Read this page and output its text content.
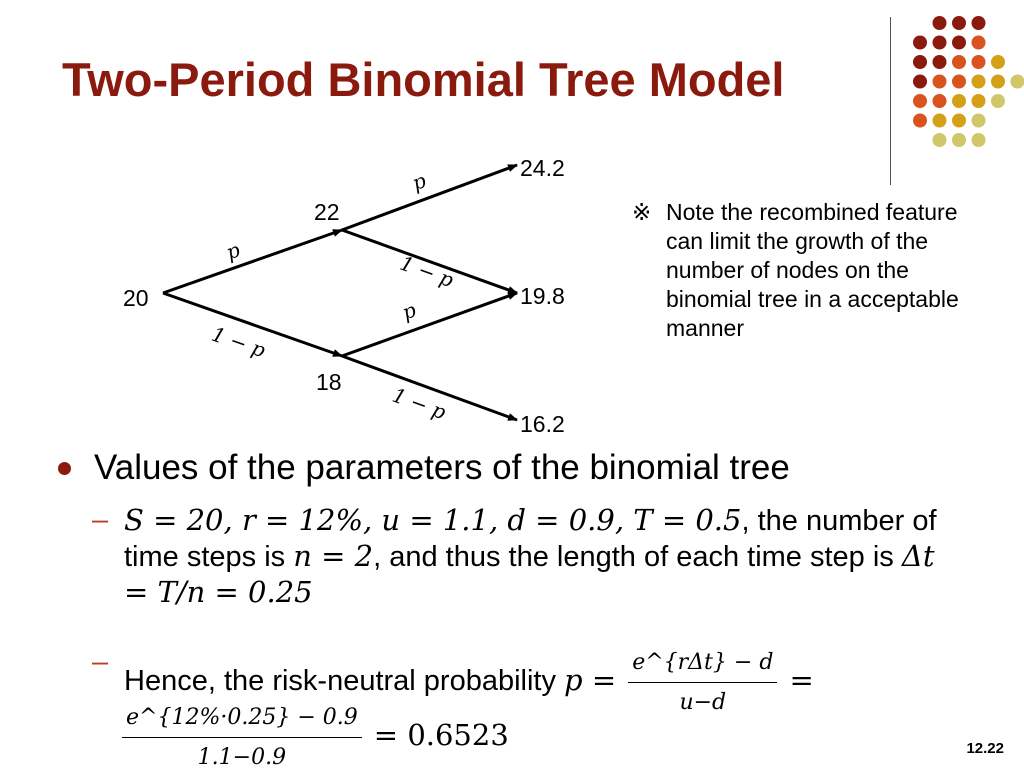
Two-Period Binomial Tree Model
20
22
18
24.2
19.8
16.2
p
1 − p
p
1 − p
p
1 − p
※ Note the recombined feature can limit the growth of the number of nodes on the binomial tree in a acceptable manner
Values of the parameters of the binomial tree
– S = 20, r = 12%, u = 1.1, d = 0.9, T = 0.5, the number of time steps is n = 2, and thus the length of each time step is Δt = T/n = 0.25
–
Hence, the risk-neutral probability $p = \frac{\text{e\textasciicircum{}\{rΔt\} − d}}{u-d}$ =
$\frac{e\^{}\{12\%\cdot 0.25\} - 0.9}{1.1-0.9} = 0.6523$	12.22
